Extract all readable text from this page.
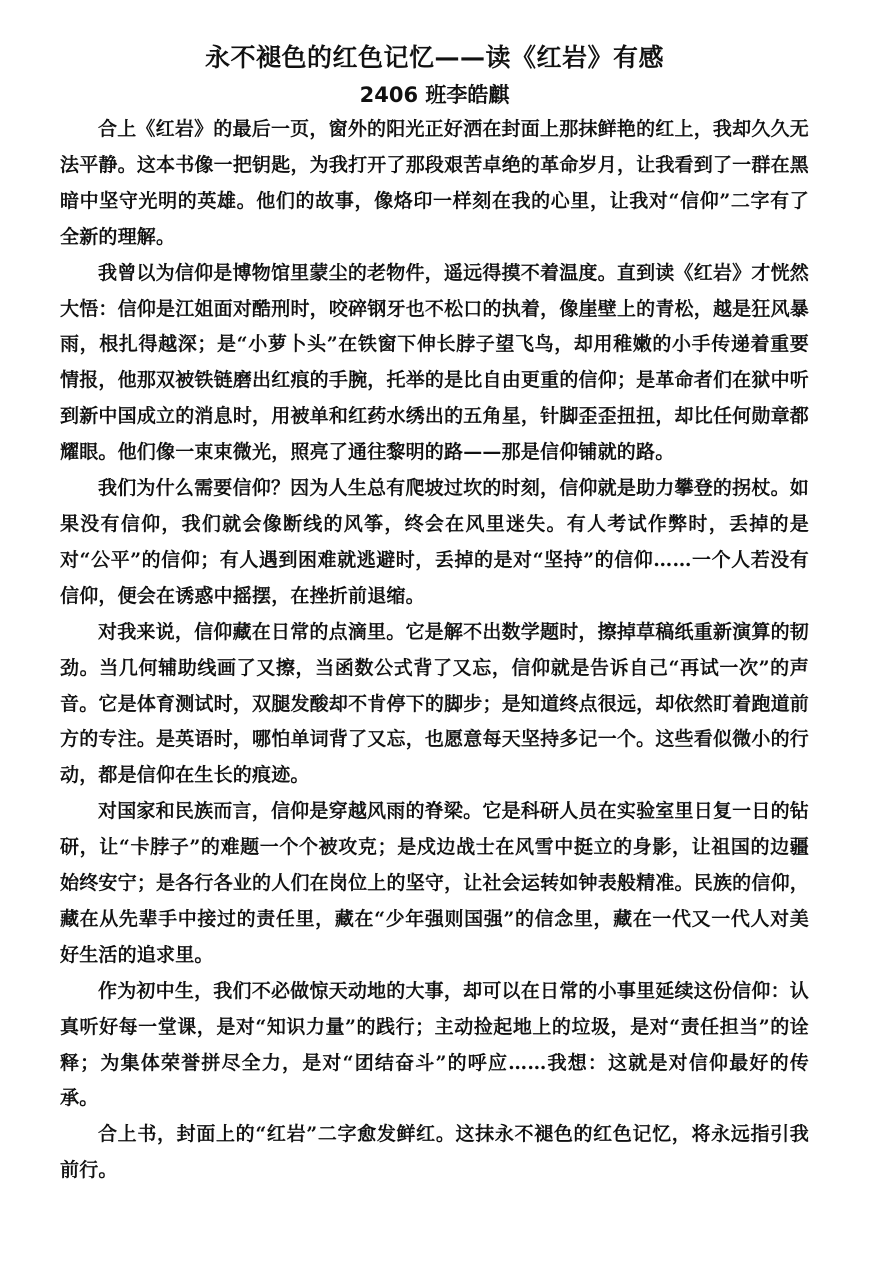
永不褪色的红色记忆——读《红岩》有感
2406 班李皓麒

合上《红岩》的最后一页，窗外的阳光正好洒在封面上那抹鲜艳的红上，我却久久无法平静。这本书像一把钥匙，为我打开了那段艰苦卓绝的革命岁月，让我看到了一群在黑暗中坚守光明的英雄。他们的故事，像烙印一样刻在我的心里，让我对“信仰”二字有了全新的理解。

我曾以为信仰是博物馆里蒙尘的老物件，遥远得摸不着温度。直到读《红岩》才恍然大悟：信仰是江姐面对酷刑时，咬碎钢牙也不松口的执着，像崖壁上的青松，越是狂风暴雨，根扎得越深；是“小萝卜头”在铁窗下伸长脖子望飞鸟，却用稚嫩的小手传递着重要情报，他那双被铁链磨出红痕的手腕，托举的是比自由更重的信仰；是革命者们在狱中听到新中国成立的消息时，用被单和红药水绣出的五角星，针脚歪歪扭扭，却比任何勋章都耀眼。他们像一束束微光，照亮了通往黎明的路——那是信仰铺就的路。

我们为什么需要信仰？因为人生总有爬坡过坎的时刻，信仰就是助力攀登的拐杖。如果没有信仰，我们就会像断线的风筝，终会在风里迷失。有人考试作弊时，丢掉的是对“公平”的信仰；有人遇到困难就逃避时，丢掉的是对“坚持”的信仰……一个人若没有信仰，便会在诱惑中摇摆，在挫折前退缩。

对我来说，信仰藏在日常的点滴里。它是解不出数学题时，擦掉草稿纸重新演算的韧劲。当几何辅助线画了又擦，当函数公式背了又忘，信仰就是告诉自己“再试一次”的声音。它是体育测试时，双腿发酸却不肯停下的脚步；是知道终点很远，却依然盯着跑道前方的专注。是英语时，哪怕单词背了又忘，也愿意每天坚持多记一个。这些看似微小的行动，都是信仰在生长的痕迹。

对国家和民族而言，信仰是穿越风雨的脊梁。它是科研人员在实验室里日复一日的钻研，让“卡脖子”的难题一个个被攻克；是戍边战士在风雪中挺立的身影，让祖国的边疆始终安宁；是各行各业的人们在岗位上的坚守，让社会运转如钟表般精准。民族的信仰，藏在从先辈手中接过的责任里，藏在“少年强则国强”的信念里，藏在一代又一代人对美好生活的追求里。

作为初中生，我们不必做惊天动地的大事，却可以在日常的小事里延续这份信仰：认真听好每一堂课，是对“知识力量”的践行；主动捡起地上的垃圾，是对“责任担当”的诠释；为集体荣誉拼尽全力，是对“团结奋斗”的呼应……我想：这就是对信仰最好的传承。

合上书，封面上的“红岩”二字愈发鲜红。这抹永不褪色的红色记忆，将永远指引我前行。
